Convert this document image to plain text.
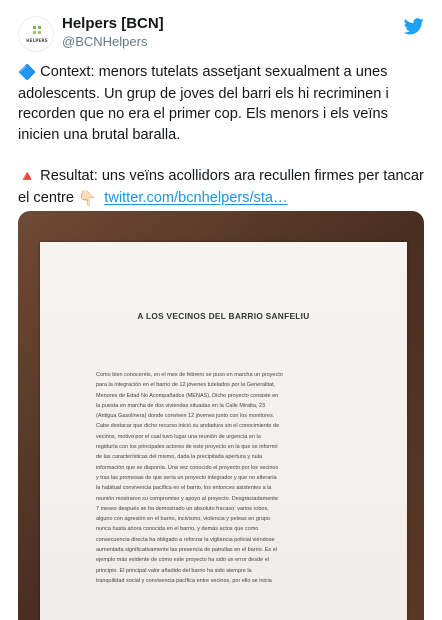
HELPERS
Helpers [BCN]
@BCNHelpers

🔷 Context: menors tutelats assetjant sexualment a unes adolescents. Un grup de joves del barri els hi recriminen i recorden que no era el primer cop. Els menors i els veïns inicien una brutal baralla.

🔺 Resultat: uns veïns acollidors ara recullen firmes per tancar el centre 👇🏻 twitter.com/bcnhelpers/sta…

A LOS VECINOS DEL BARRIO SANFELIU
Como bien conoceréis, en el mes de febrero se puso en marcha un proyecto
para la integración en el barrio de 12 jóvenes tutelados por la Generalitat,
Menores de Edad No Acompañados (MENAS). Dicho proyecto consiste en
la puesta en marcha de dos viviendas situadas en la Calle Miralta, 23
(Antigua Gasolinera) donde conviven 12 jóvenes junto con los monitores.
Cabe destacar que dicho recurso inició su andadura sin el conocimiento de
vecinos, motivo por el cual tuvo lugar una reunión de urgencia en la
regiduría con los principales actores de este proyecto en la que se informó
de las características del mismo, dada la precipitada apertura y nula
información que se disponía. Una vez conocido el proyecto por los vecinos
y tras las promesas de que sería un proyecto integrador y que no alteraría
la habitual convivencia pacífica en el barrio, los entonces asistentes a la
reunión mostraron su compromiso y apoyo al proyecto. Desgraciadamente
7 meses después se ha demostrado un absoluto fracaso: varios robos,
alguno con agresión en el barrio, incivismo, violencia y peleas en grupo
nunca hasta ahora conocida en el barrio, y demás actos que como
consecuencia directa ha obligado a reforzar la vigilancia policial viéndose
aumentada significativamente las presencia de patrullas en el barrio. Es el
ejemplo más evidente de cómo este proyecto ha sido un error desde el
principio. El principal valor añadido del barrio ha sido siempre la
tranquilidad social y convivencia pacífica entre vecinos, por ello se inicia
